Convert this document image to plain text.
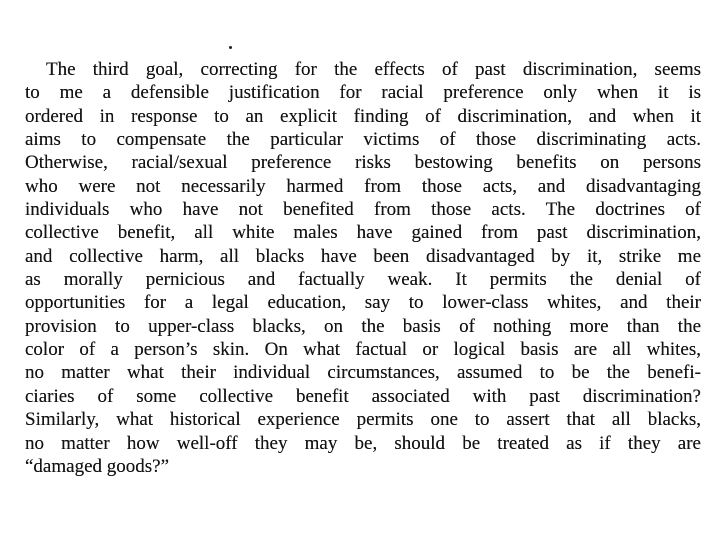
The third goal, correcting for the effects of past discrimination, seems
to me a defensible justification for racial preference only when it is
ordered in response to an explicit finding of discrimination, and when it
aims to compensate the particular victims of those discriminating acts.
Otherwise, racial/sexual preference risks bestowing benefits on persons
who were not necessarily harmed from those acts, and disadvantaging
individuals who have not benefited from those acts. The doctrines of
collective benefit, all white males have gained from past discrimination,
and collective harm, all blacks have been disadvantaged by it, strike me
as morally pernicious and factually weak. It permits the denial of
opportunities for a legal education, say to lower-class whites, and their
provision to upper-class blacks, on the basis of nothing more than the
color of a person’s skin. On what factual or logical basis are all whites,
no matter what their individual circumstances, assumed to be the benefi-
ciaries of some collective benefit associated with past discrimination?
Similarly, what historical experience permits one to assert that all blacks,
no matter how well-off they may be, should be treated as if they are
“damaged goods?”
